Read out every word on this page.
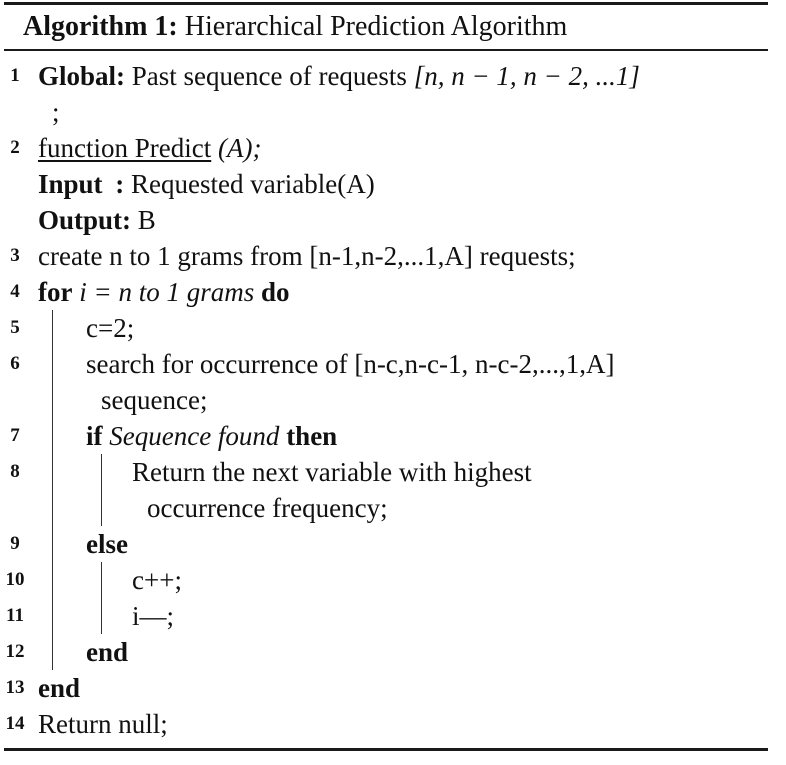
Algorithm 1: Hierarchical Prediction Algorithm
1 Global: Past sequence of requests [n, n − 1, n − 2, ...1]
;
2 function Predict (A);
Input : Requested variable(A)
Output: B
3 create n to 1 grams from [n-1,n-2,...1,A] requests;
4 for i = n to 1 grams do
5	c=2;
6	search for occurrence of [n-c,n-c-1, n-c-2,...,1,A]
sequence;
7	if Sequence found then
8	Return the next variable with highest
occurrence frequency;
9	else
10	c++;
11	i—;
12 end
13 end
14 Return null;
